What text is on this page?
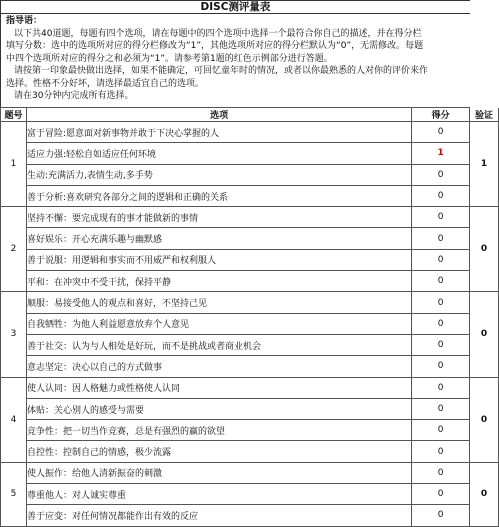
DISC测评量表
指导语：
以下共40道题，每题有四个选项，请在每题中的四个选项中选择一个最符合你自己的描述，并在得分栏
填写分数：选中的选项所对应的得分栏修改为“1”，其他选项所对应的得分栏默认为“0”，无需修改。每题
中四个选项所对应的得分之和必须为“1”。请参考第1题的红色示例部分进行答题。
请按第一印象最快做出选择，如果不能确定，可回忆童年时的情况，或者以你最熟悉的人对你的评价来作
选择。性格不分好坏，请选择最适宜自己的选项。
请在30分钟内完成所有选择。
题号	选项	得分	验证
1	富于冒险:愿意面对新事物并敢于下决心掌握的人	0	1
	适应力强:轻松自如适应任何环境	1	
	生动:充满活力,表情生动,多手势	0	
	善于分析:喜欢研究各部分之间的逻辑和正确的关系	0	
2	坚持不懈：要完成现有的事才能做新的事情	0	0
	喜好娱乐：开心充满乐趣与幽默感	0	
	善于说服：用逻辑和事实而不用威严和权利服人	0	
	平和：在冲突中不受干扰，保持平静	0	
3	顺服：易接受他人的观点和喜好，不坚持己见	0	0
	自我牺牲：为他人利益愿意放弃个人意见	0	
	善于社交：认为与人相处是好玩，而不是挑战或者商业机会	0	
	意志坚定：决心以自己的方式做事	0	
4	使人认同：因人格魅力或性格使人认同	0	0
	体贴：关心别人的感受与需要	0	
	竞争性：把一切当作竞赛，总是有强烈的赢的欲望	0	
	自控性：控制自己的情感，极少流露	0	
5	使人振作：给他人清新振奋的刺激	0	0
	尊重他人：对人诚实尊重	0	
	善于应变：对任何情况都能作出有效的反应	0	
